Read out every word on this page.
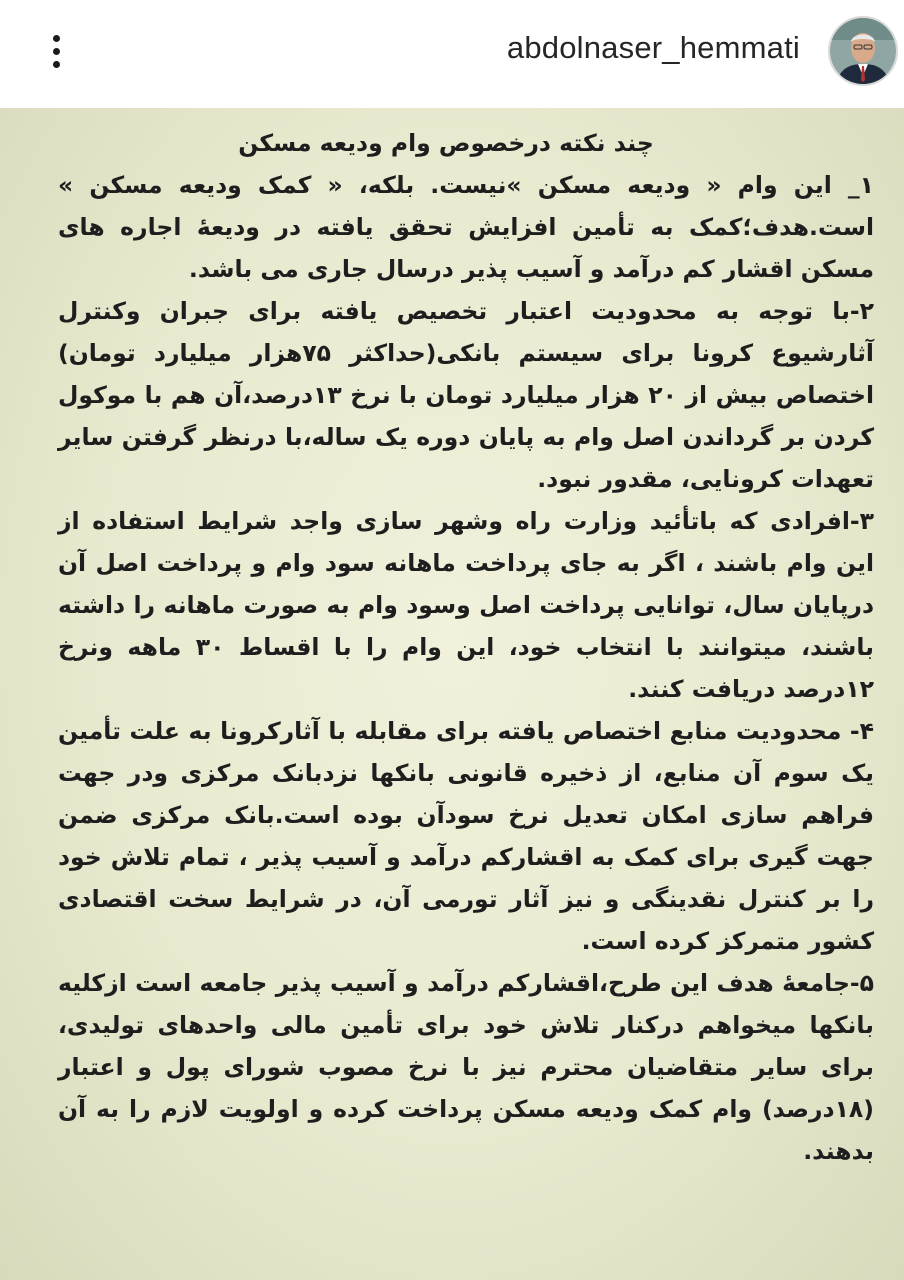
abdolnaser_hemmati

چند نکته درخصوص وام ودیعه مسکن

۱_ این وام « ودیعه مسکن »نیست. بلکه، « کمک ودیعه مسکن » است.هدف؛کمک به تأمین افزایش تحقق یافته در ودیعهٔ اجاره های مسکن اقشار کم درآمد و آسیب پذیر درسال جاری می باشد.

۲-با توجه به محدودیت اعتبار تخصیص یافته برای جبران وکنترل آثارشیوع کرونا برای سیستم بانکی(حداکثر ۷۵هزار میلیارد تومان) اختصاص بیش از ۲۰ هزار میلیارد تومان با نرخ ۱۳درصد،آن هم با موکول کردن بر گرداندن اصل وام به پایان دوره یک ساله،با درنظر گرفتن سایر تعهدات کرونایی، مقدور نبود.

۳-افرادی که باتأئید وزارت راه وشهر سازی واجد شرایط استفاده از این وام باشند ، اگر به جای پرداخت ماهانه سود وام و پرداخت اصل آن درپایان سال، توانایی پرداخت اصل وسود وام به صورت ماهانه را داشته باشند، میتوانند با انتخاب خود، این وام را با اقساط ۳۰ ماهه ونرخ ۱۲درصد دریافت کنند.

۴- محدودیت منابع اختصاص یافته برای مقابله با آثارکرونا به علت تأمین یک سوم آن منابع، از ذخیره قانونی بانکها نزدبانک مرکزی ودر جهت فراهم سازی امکان تعدیل نرخ سودآن بوده است.بانک مرکزی ضمن جهت گیری برای کمک به اقشارکم درآمد و آسیب پذیر ، تمام تلاش خود را بر کنترل نقدینگی و نیز آثار تورمی آن، در شرایط سخت اقتصادی کشور متمرکز کرده است.

۵-جامعهٔ هدف این طرح،اقشارکم درآمد و آسیب پذیر جامعه است ازکلیه بانکها میخواهم درکنار تلاش خود برای تأمین مالی واحدهای تولیدی، برای سایر متقاضیان محترم نیز با نرخ مصوب شورای پول و اعتبار (۱۸درصد) وام کمک ودیعه مسکن پرداخت کرده و اولویت لازم را به آن بدهند.
